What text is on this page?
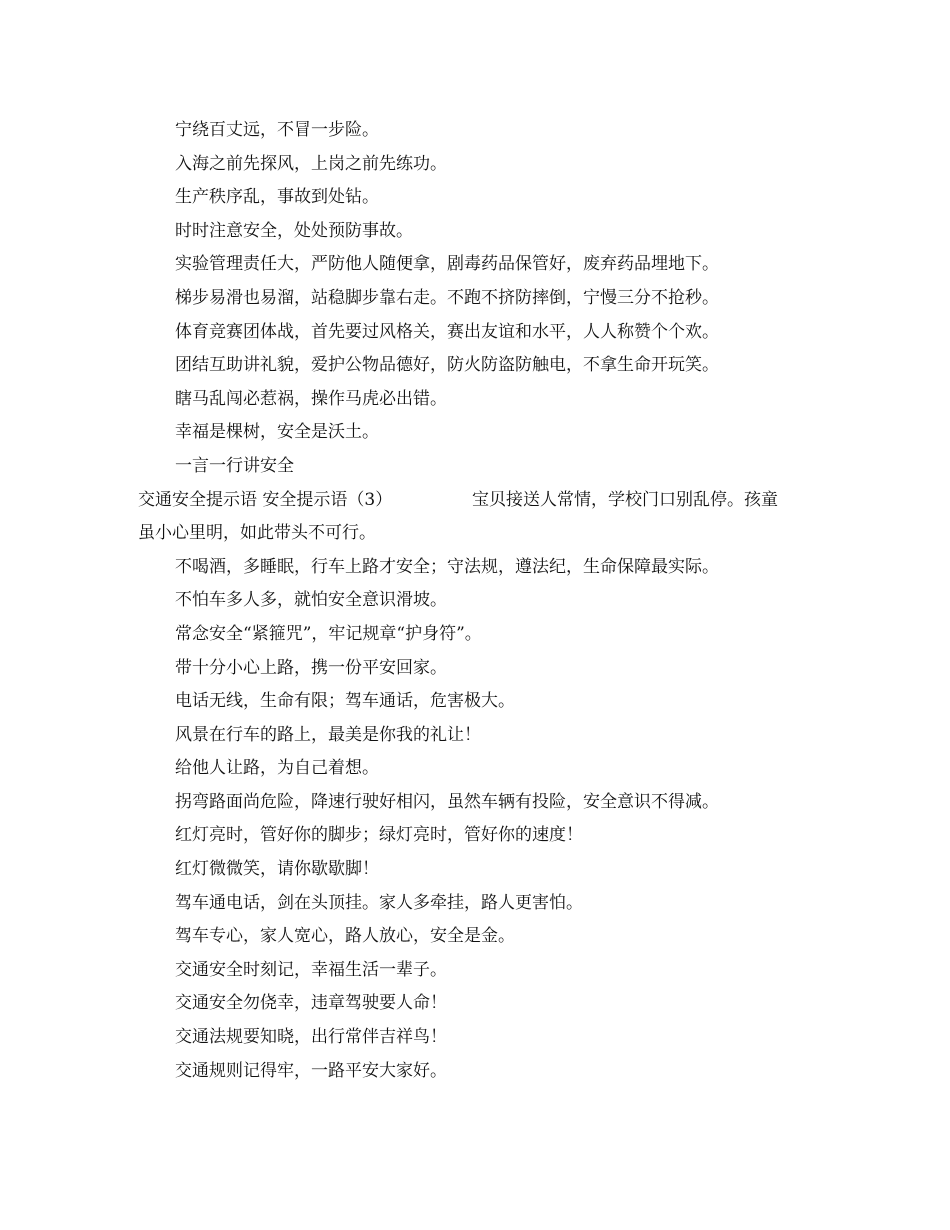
宁绕百丈远，不冒一步险。
入海之前先探风，上岗之前先练功。
生产秩序乱，事故到处钻。
时时注意安全，处处预防事故。
实验管理责任大，严防他人随便拿，剧毒药品保管好，废弃药品埋地下。
梯步易滑也易溜，站稳脚步靠右走。不跑不挤防摔倒，宁慢三分不抢秒。
体育竞赛团体战，首先要过风格关，赛出友谊和水平，人人称赞个个欢。
团结互助讲礼貌，爱护公物品德好，防火防盗防触电，不拿生命开玩笑。
瞎马乱闯必惹祸，操作马虎必出错。
幸福是棵树，安全是沃土。
一言一行讲安全
交通安全提示语 安全提示语（3）	宝贝接送人常情，学校门口别乱停。孩童
虽小心里明，如此带头不可行。
不喝酒，多睡眠，行车上路才安全；守法规，遵法纪，生命保障最实际。
不怕车多人多，就怕安全意识滑坡。
常念安全“紧箍咒”，牢记规章“护身符”。
带十分小心上路，携一份平安回家。
电话无线，生命有限；驾车通话，危害极大。
风景在行车的路上，最美是你我的礼让！
给他人让路，为自己着想。
拐弯路面尚危险，降速行驶好相闪，虽然车辆有投险，安全意识不得减。
红灯亮时，管好你的脚步；绿灯亮时，管好你的速度！
红灯微微笑，请你歇歇脚！
驾车通电话，剑在头顶挂。家人多牵挂，路人更害怕。
驾车专心，家人宽心，路人放心，安全是金。
交通安全时刻记，幸福生活一辈子。
交通安全勿侥幸，违章驾驶要人命！
交通法规要知晓，出行常伴吉祥鸟！
交通规则记得牢，一路平安大家好。
